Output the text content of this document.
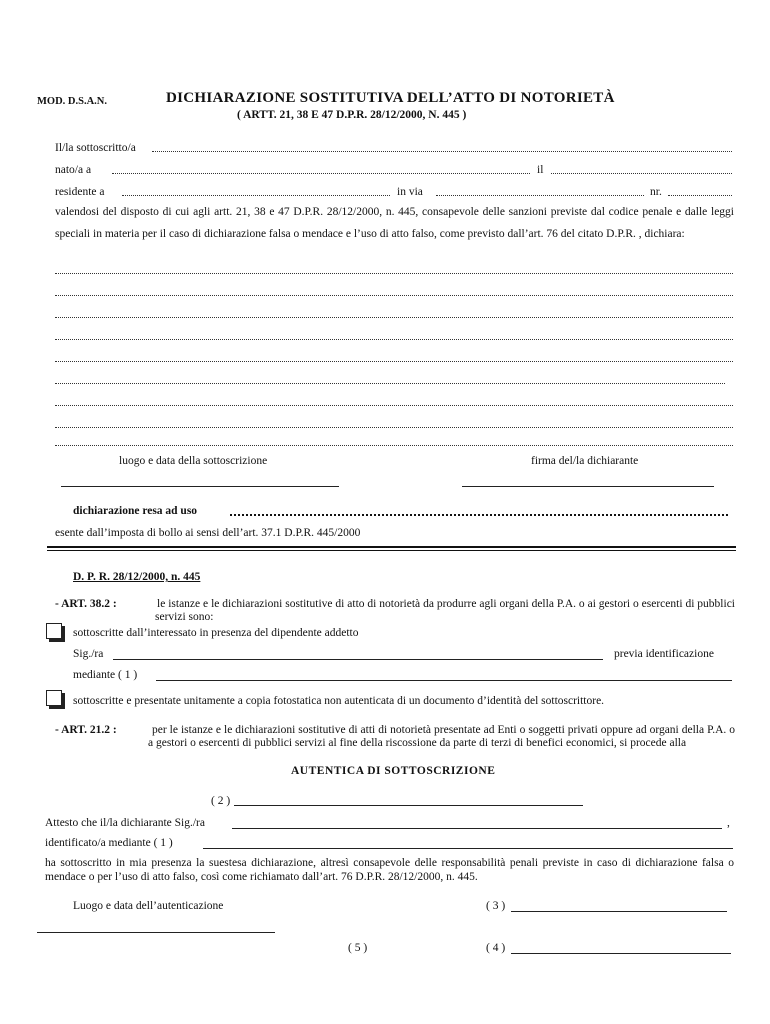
MOD. D.S.A.N.	DICHIARAZIONE SOSTITUTIVA DELL’ATTO DI NOTORIETÀ
( ARTT. 21, 38 E 47 D.P.R. 28/12/2000, N. 445 )
Il/la sottoscritto/a
nato/a a	il
residente a	in via	nr.
valendosi del disposto di cui agli artt. 21, 38 e 47 D.P.R. 28/12/2000, n. 445, consapevole delle sanzioni previste dal codice penale e dalle leggi speciali in materia per il caso di dichiarazione falsa o mendace e l’uso di atto falso, come previsto dall’art. 76 del citato D.P.R. , dichiara:
luogo e data della sottoscrizione	firma del/la dichiarante
dichiarazione resa ad uso
esente dall’imposta di bollo ai sensi dell’art. 37.1 D.P.R. 445/2000
D. P. R. 28/12/2000, n. 445
- ART. 38.2 :	le istanze e le dichiarazioni sostitutive di atto di notorietà da produrre agli organi della P.A. o ai gestori o esercenti di pubblici servizi sono:
sottoscritte dall’interessato in presenza del dipendente addetto
Sig./ra	previa identificazione
mediante ( 1 )
sottoscritte e presentate unitamente a copia fotostatica non autenticata di un documento d’identità del sottoscrittore.
- ART. 21.2 :	per le istanze e le dichiarazioni sostitutive di atti di notorietà presentate ad Enti o soggetti privati oppure ad organi della P.A. o a gestori o esercenti di pubblici servizi al fine della riscossione da parte di terzi di benefici economici, si procede alla
AUTENTICA DI SOTTOSCRIZIONE
( 2 )
Attesto che il/la dichiarante Sig./ra	,
identificato/a mediante ( 1 )
ha sottoscritto in mia presenza la suestesa dichiarazione, altresì consapevole delle responsabilità penali previste in caso di dichiarazione falsa o mendace o per l’uso di atto falso, così come richiamato dall’art. 76 D.P.R. 28/12/2000, n. 445.
Luogo e data dell’autenticazione	( 3 )
( 5 )	( 4 )
